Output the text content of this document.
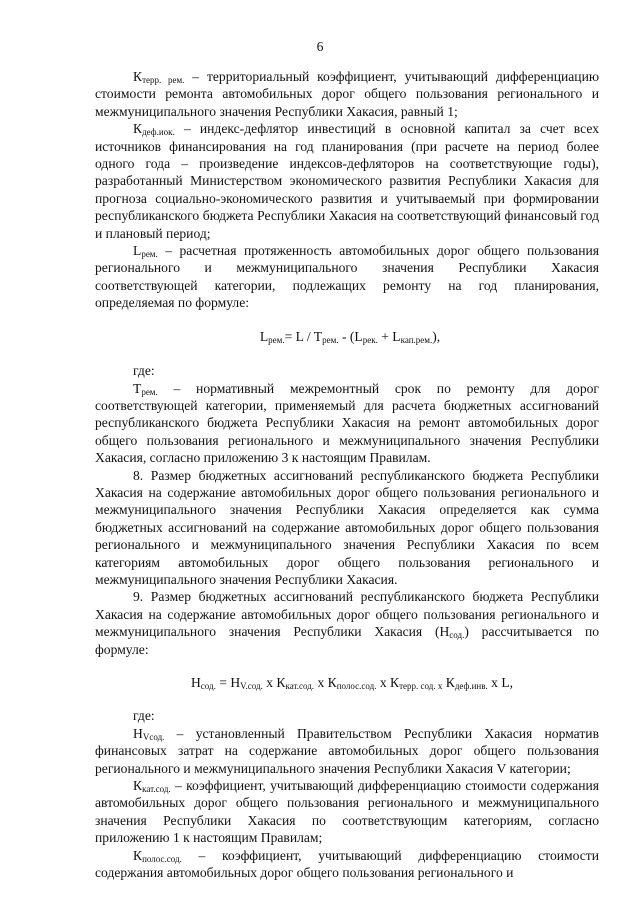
6

$К_{терр. рем.}$ – территориальный коэффициент, учитывающий дифференциацию стоимости ремонта автомобильных дорог общего пользования регионального и межмуниципального значения Республики Хакасия, равный 1;

$К_{деф.иок.}$ – индекс-дефлятор инвестиций в основной капитал за счет всех источников финансирования на год планирования (при расчете на период более одного года – произведение индексов-дефляторов на соответствующие годы), разработанный Министерством экономического развития Республики Хакасия для прогноза социально-экономического развития и учитываемый при формировании республиканского бюджета Республики Хакасия на соответствующий финансовый год и плановый период;

$L_{рем.}$ – расчетная протяженность автомобильных дорог общего пользования регионального и межмуниципального значения Республики Хакасия соответствующей категории, подлежащих ремонту на год планирования, определяемая по формуле:

$L_{рем.}= L / T_{рем.} - (L_{рек.} + L_{кап.рем.})$,

где:

$Т_{рем.}$ – нормативный межремонтный срок по ремонту для дорог соответствующей категории, применяемый для расчета бюджетных ассигнований республиканского бюджета Республики Хакасия на ремонт автомобильных дорог общего пользования регионального и межмуниципального значения Республики Хакасия, согласно приложению 3 к настоящим Правилам.

8. Размер бюджетных ассигнований республиканского бюджета Республики Хакасия на содержание автомобильных дорог общего пользования регионального и межмуниципального значения Республики Хакасия определяется как сумма бюджетных ассигнований на содержание автомобильных дорог общего пользования регионального и межмуниципального значения Республики Хакасия по всем категориям автомобильных дорог общего пользования регионального и межмуниципального значения Республики Хакасия.

9. Размер бюджетных ассигнований республиканского бюджета Республики Хакасия на содержание автомобильных дорог общего пользования регионального и межмуниципального значения Республики Хакасия $(Н_{сод.})$ рассчитывается по формуле:

$Н_{сод.} = Н_{V.сод.}$ х $К_{кат.сод.}$ х $К_{полос.сод.}$ х $К_{терр. сод. х}$ $К_{деф.инв.}$ х L,

где:

$Н_{Vсод.}$ – установленный Правительством Республики Хакасия норматив финансовых затрат на содержание автомобильных дорог общего пользования регионального и межмуниципального значения Республики Хакасия V категории;

$К_{кат.сод.}$ – коэффициент, учитывающий дифференциацию стоимости содержания автомобильных дорог общего пользования регионального и межмуниципального значения Республики Хакасия по соответствующим категориям, согласно приложению 1 к настоящим Правилам;

$К_{полос.сод.}$ – коэффициент, учитывающий дифференциацию стоимости содержания автомобильных дорог общего пользования регионального и
